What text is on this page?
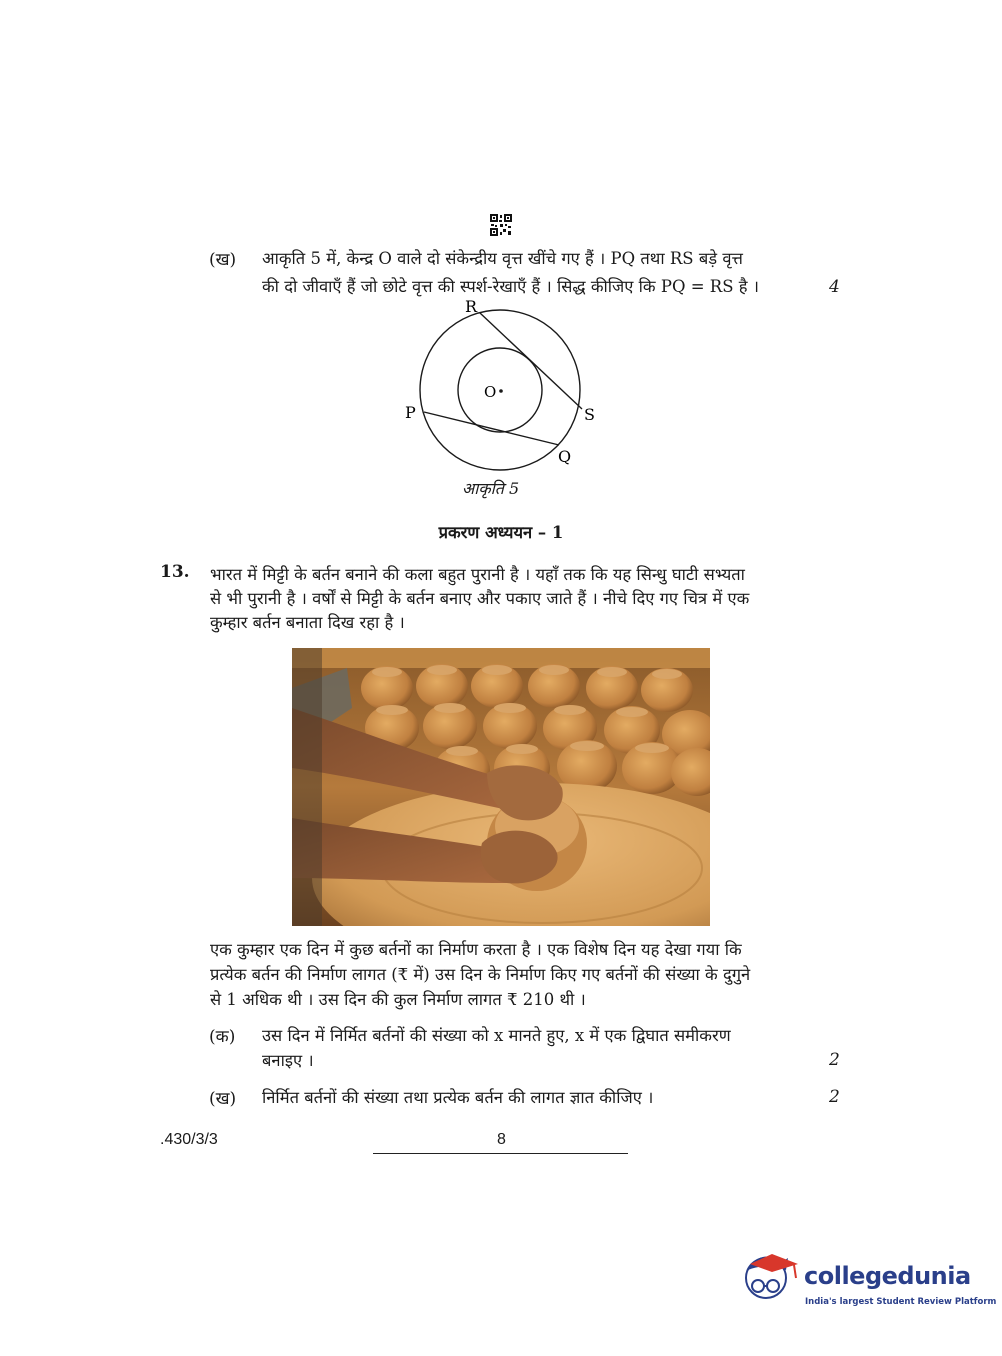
(ख) आकृति 5 में, केन्द्र O वाले दो संकेन्द्रीय वृत्त खींचे गए हैं । PQ तथा RS बड़े वृत्त
की दो जीवाएँ हैं जो छोटे वृत्त की स्पर्श-रेखाएँ हैं । सिद्ध कीजिए कि PQ = RS है ।	4
R
O
P	S
Q
आकृति 5
प्रकरण अध्ययन – 1
13. भारत में मिट्टी के बर्तन बनाने की कला बहुत पुरानी है । यहाँ तक कि यह सिन्धु घाटी सभ्यता
से भी पुरानी है । वर्षों से मिट्टी के बर्तन बनाए और पकाए जाते हैं । नीचे दिए गए चित्र में एक
कुम्हार बर्तन बनाता दिख रहा है ।
एक कुम्हार एक दिन में कुछ बर्तनों का निर्माण करता है । एक विशेष दिन यह देखा गया कि
प्रत्येक बर्तन की निर्माण लागत (₹ में) उस दिन के निर्माण किए गए बर्तनों की संख्या के दुगुने
से 1 अधिक थी । उस दिन की कुल निर्माण लागत ₹ 210 थी ।
(क) उस दिन में निर्मित बर्तनों की संख्या को x मानते हुए, x में एक द्विघात समीकरण
बनाइए ।	2
(ख) निर्मित बर्तनों की संख्या तथा प्रत्येक बर्तन की लागत ज्ञात कीजिए ।	2
.430/3/3	8
collegedunia
India's largest Student Review Platform
